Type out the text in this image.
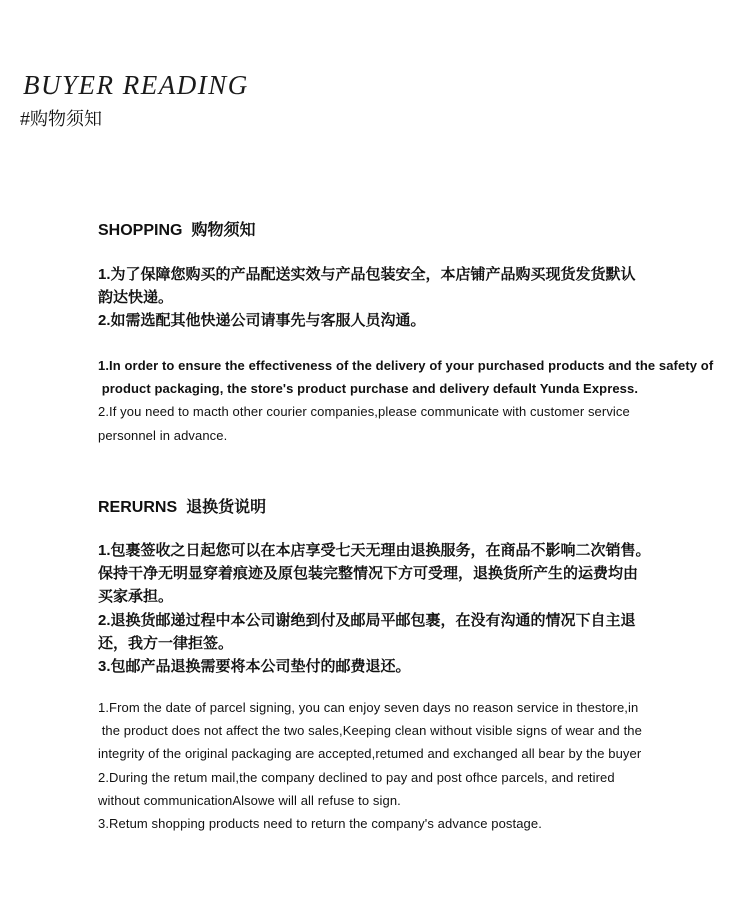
BUYER READING
#购物须知
SHOPPING 购物须知
1.为了保障您购买的产品配送实效与产品包装安全，本店铺产品购买现货发货默认
韵达快递。
2.如需选配其他快递公司请事先与客服人员沟通。
1.In order to ensure the effectiveness of the delivery of your purchased products and the safety of
product packaging, the store's product purchase and delivery default Yunda Express.
2.If you need to macth other courier companies,please communicate with customer service
personnel in advance.
RERURNS 退换货说明
1.包裹签收之日起您可以在本店享受七天无理由退换服务，在商品不影响二次销售。
保持干净无明显穿着痕迹及原包装完整情况下方可受理，退换货所产生的运费均由
买家承担。
2.退换货邮递过程中本公司谢绝到付及邮局平邮包裹，在没有沟通的情况下自主退
还，我方一律拒签。
3.包邮产品退换需要将本公司垫付的邮费退还。
1.From the date of parcel signing, you can enjoy seven days no reason service in thestore,in
the product does not affect the two sales,Keeping clean without visible signs of wear and the
integrity of the original packaging are accepted,retumed and exchanged all bear by the buyer
2.During the retum mail,the company declined to pay and post ofhce parcels, and retired
without communicationAlsowe will all refuse to sign.
3.Retum shopping products need to return the company's advance postage.
